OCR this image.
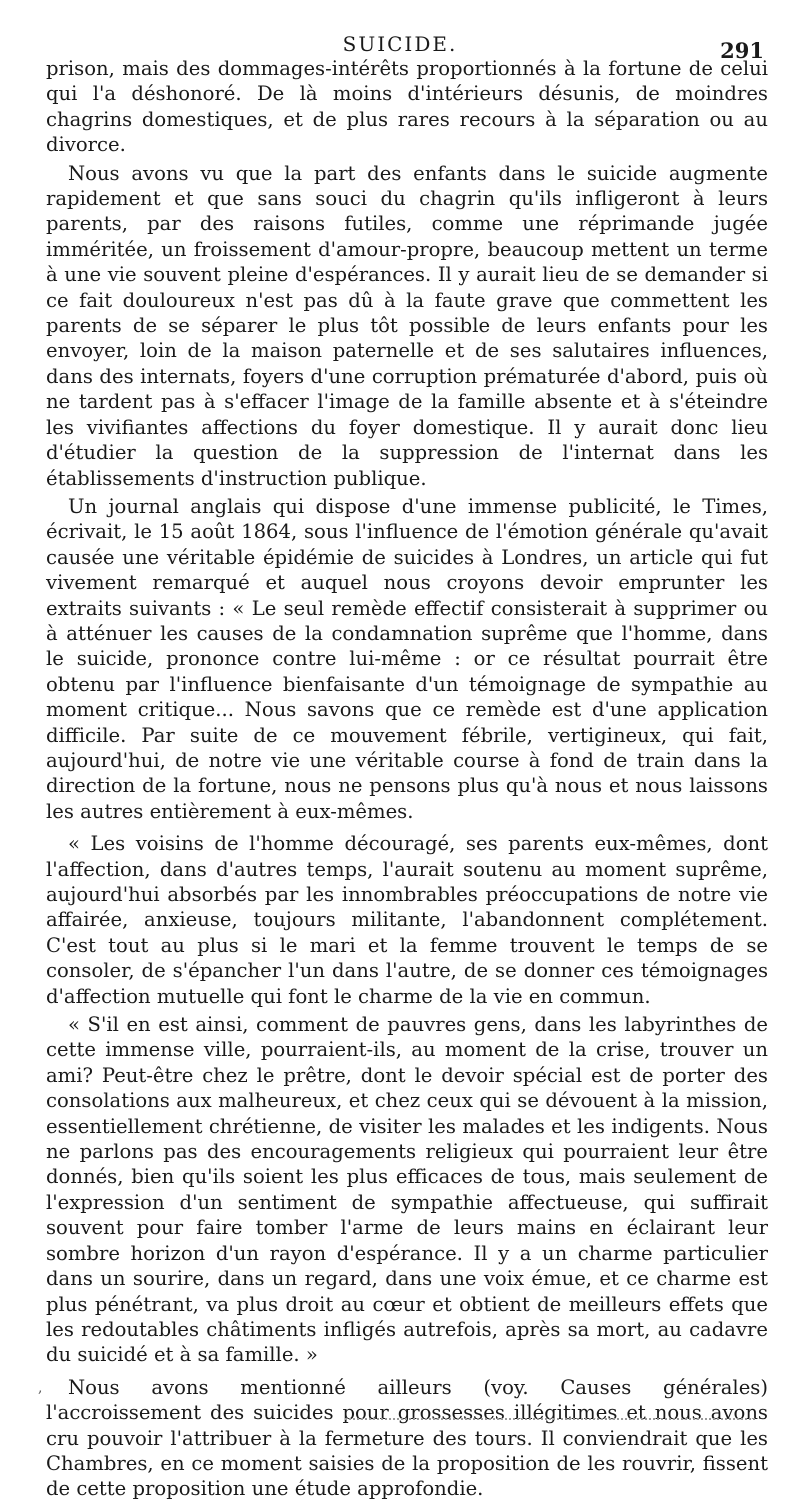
SUICIDE.	291

prison, mais des dommages-intérêts proportionnés à la fortune de celui qui l'a déshonoré. De là moins d'intérieurs désunis, de moindres chagrins domestiques, et de plus rares recours à la séparation ou au divorce.

Nous avons vu que la part des enfants dans le suicide augmente rapidement et que sans souci du chagrin qu'ils infligeront à leurs parents, par des raisons futiles, comme une réprimande jugée imméritée, un froissement d'amour-propre, beaucoup mettent un terme à une vie souvent pleine d'espérances. Il y aurait lieu de se demander si ce fait douloureux n'est pas dû à la faute grave que commettent les parents de se séparer le plus tôt possible de leurs enfants pour les envoyer, loin de la maison paternelle et de ses salutaires influences, dans des internats, foyers d'une corruption prématurée d'abord, puis où ne tardent pas à s'effacer l'image de la famille absente et à s'éteindre les vivifiantes affections du foyer domestique. Il y aurait donc lieu d'étudier la question de la suppression de l'internat dans les établissements d'instruction publique.

Un journal anglais qui dispose d'une immense publicité, le Times, écrivait, le 15 août 1864, sous l'influence de l'émotion générale qu'avait causée une véritable épidémie de suicides à Londres, un article qui fut vivement remarqué et auquel nous croyons devoir emprunter les extraits suivants : « Le seul remède effectif consisterait à supprimer ou à atténuer les causes de la condamnation suprême que l'homme, dans le suicide, prononce contre lui-même : or ce résultat pourrait être obtenu par l'influence bienfaisante d'un témoignage de sympathie au moment critique... Nous savons que ce remède est d'une application difficile. Par suite de ce mouvement fébrile, vertigineux, qui fait, aujourd'hui, de notre vie une véritable course à fond de train dans la direction de la fortune, nous ne pensons plus qu'à nous et nous laissons les autres entièrement à eux-mêmes.

« Les voisins de l'homme découragé, ses parents eux-mêmes, dont l'affection, dans d'autres temps, l'aurait soutenu au moment suprême, aujourd'hui absorbés par les innombrables préoccupations de notre vie affairée, anxieuse, toujours militante, l'abandonnent complétement. C'est tout au plus si le mari et la femme trouvent le temps de se consoler, de s'épancher l'un dans l'autre, de se donner ces témoignages d'affection mutuelle qui font le charme de la vie en commun.

« S'il en est ainsi, comment de pauvres gens, dans les labyrinthes de cette immense ville, pourraient-ils, au moment de la crise, trouver un ami? Peut-être chez le prêtre, dont le devoir spécial est de porter des consolations aux malheureux, et chez ceux qui se dévouent à la mission, essentiellement chrétienne, de visiter les malades et les indigents. Nous ne parlons pas des encouragements religieux qui pourraient leur être donnés, bien qu'ils soient les plus efficaces de tous, mais seulement de l'expression d'un sentiment de sympathie affectueuse, qui suffirait souvent pour faire tomber l'arme de leurs mains en éclairant leur sombre horizon d'un rayon d'espérance. Il y a un charme particulier dans un sourire, dans un regard, dans une voix émue, et ce charme est plus pénétrant, va plus droit au cœur et obtient de meilleurs effets que les redoutables châtiments infligés autrefois, après sa mort, au cadavre du suicidé et à sa famille. »

Nous avons mentionné ailleurs (voy. Causes générales) l'accroissement des suicides pour grossesses illégitimes et nous avons cru pouvoir l'attribuer à la fermeture des tours. Il conviendrait que les Chambres, en ce moment saisies de la proposition de les rouvrir, fissent de cette proposition une étude approfondie.

,
